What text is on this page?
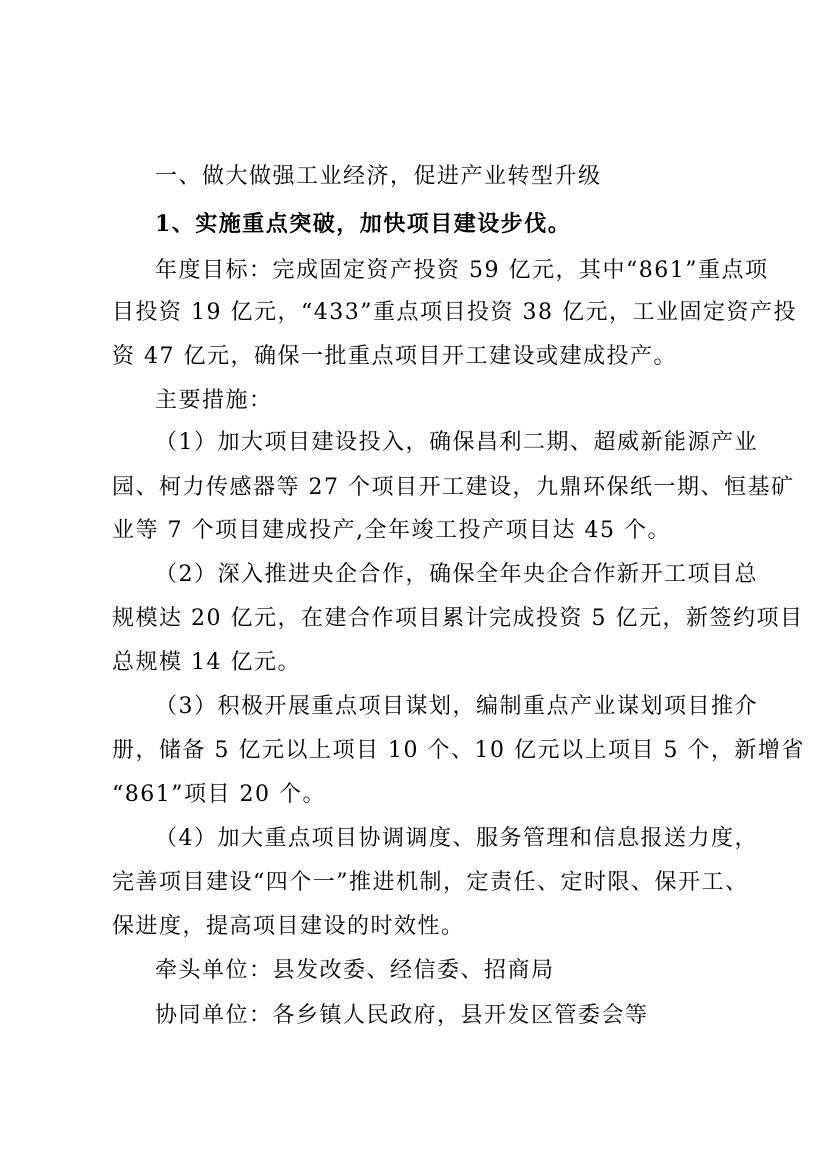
一、做大做强工业经济，促进产业转型升级
1、实施重点突破，加快项目建设步伐。
年度目标：完成固定资产投资 59 亿元，其中“861”重点项
目投资 19 亿元，“433”重点项目投资 38 亿元，工业固定资产投
资 47 亿元，确保一批重点项目开工建设或建成投产。
主要措施：
（1）加大项目建设投入，确保昌利二期、超威新能源产业
园、柯力传感器等 27 个项目开工建设，九鼎环保纸一期、恒基矿
业等 7 个项目建成投产,全年竣工投产项目达 45 个。
（2）深入推进央企合作，确保全年央企合作新开工项目总
规模达 20 亿元，在建合作项目累计完成投资 5 亿元，新签约项目
总规模 14 亿元。
（3）积极开展重点项目谋划，编制重点产业谋划项目推介
册，储备 5 亿元以上项目 10 个、10 亿元以上项目 5 个，新增省
“861”项目 20 个。
（4）加大重点项目协调调度、服务管理和信息报送力度，
完善项目建设“四个一”推进机制，定责任、定时限、保开工、
保进度，提高项目建设的时效性。
牵头单位：县发改委、经信委、招商局
协同单位：各乡镇人民政府，县开发区管委会等
